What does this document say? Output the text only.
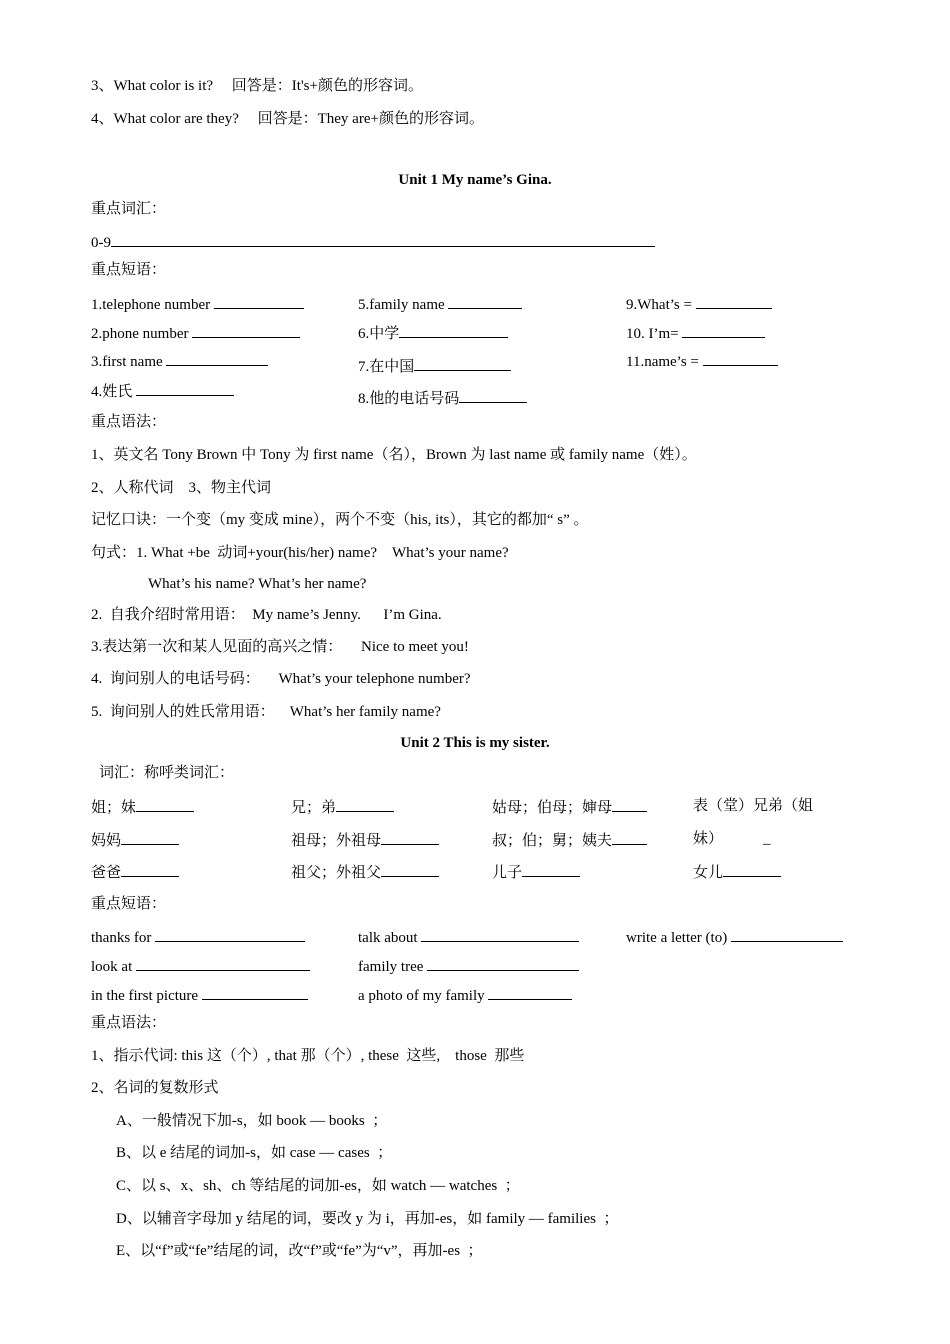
3、What color is it?　 回答是：It's+颜色的形容词。
4、What color are they?　 回答是：They are+颜色的形容词。
Unit 1 My name’s Gina.
重点词汇：
0-9
重点短语：
1.telephone number
2.phone number
3.first name
4.姓氏
5.family name
6.中学
7.在中国
8.他的电话号码
9.What’s =
10. I’m=
11.name’s =
重点语法：
1、英文名 Tony Brown 中 Tony 为 first name（名），Brown 为 last name 或 family name（姓）。
2、人称代词　3、物主代词
记忆口诀：一个变（my 变成 mine），两个不变（his, its），其它的都加“ s” 。
句式：1. What +be  动词+your(his/her) name?　What’s your name?
What’s his name? What’s her name?
2.  自我介绍时常用语：  My name’s Jenny.　  I’m Gina.
3.表达第一次和某人见面的高兴之情：     Nice to meet you!
4.  询问别人的电话号码：     What’s your telephone number?
5.  询问别人的姓氏常用语：    What’s her family name?
Unit 2 This is my sister.
词汇：称呼类词汇：
姐；妹
妈妈
爸爸
兄；弟
祖母；外祖母
祖父；外祖父
姑母；伯母；婶母
叔；伯；舅；姨夫
儿子
表（堂）兄弟（姐
妹）	_
女儿
重点短语：
thanks for
look at
in the first picture
talk about
family tree
a photo of my family
write a letter (to)
重点语法：
1、指示代词: this 这（个）, that 那（个）, these  这些,    those  那些
2、名词的复数形式
A、一般情况下加-s，如 book — books  ；
B、以 e 结尾的词加-s，如 case — cases  ；
C、以 s、x、sh、ch 等结尾的词加-es，如 watch — watches  ；
D、以辅音字母加 y 结尾的词，要改 y 为 i，再加-es，如 family — families  ；
E、以“f”或“fe”结尾的词，改“f”或“fe”为“v”，再加-es  ；
